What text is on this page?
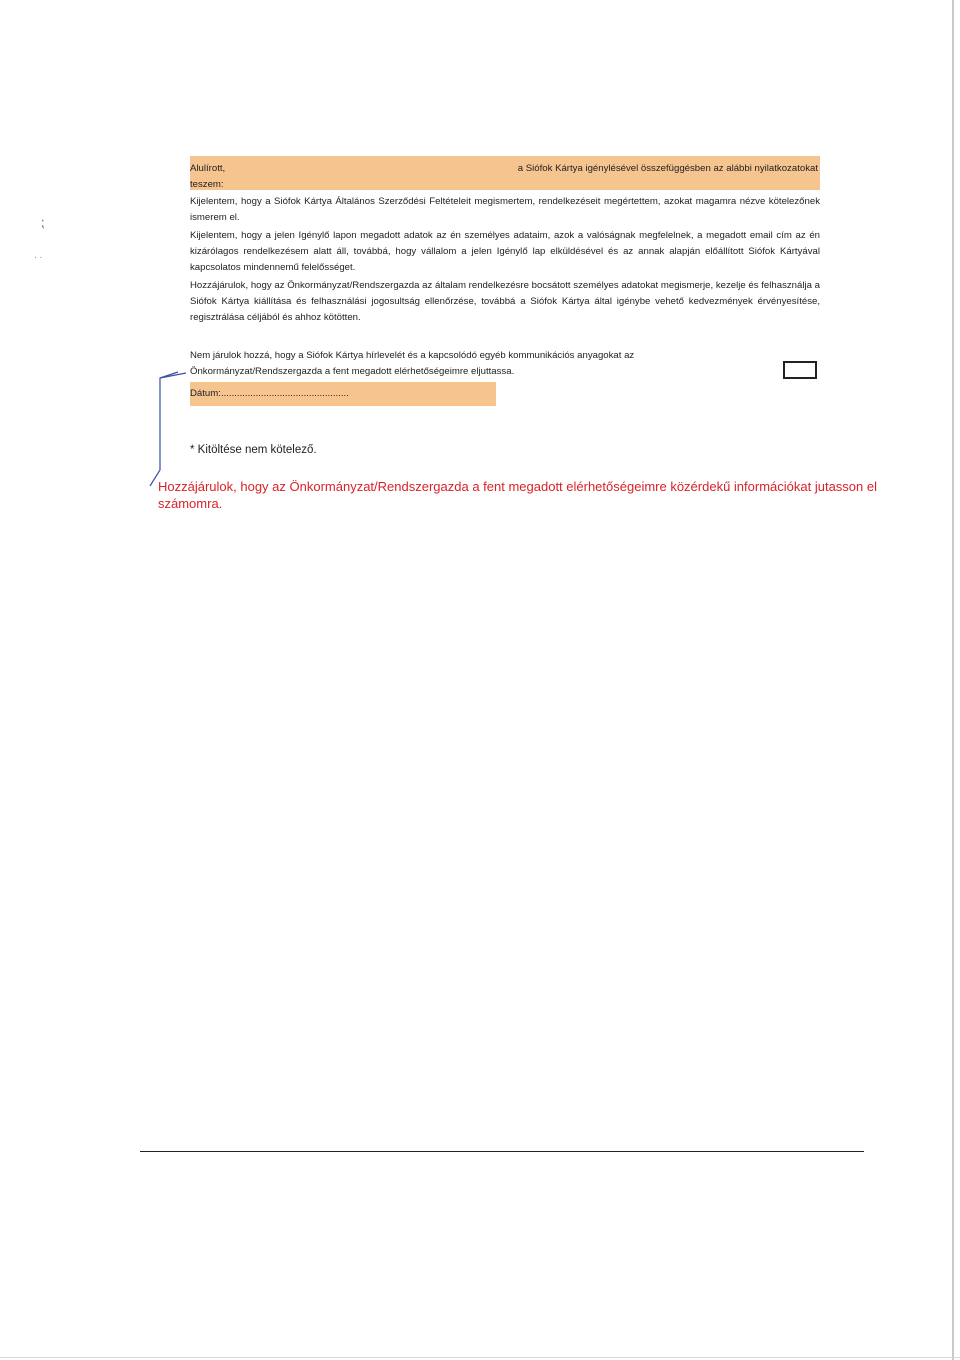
⁏
∙ ∙
Alulírott,	a Siófok Kártya igénylésével összefüggésben az alábbi nyilatkozatokat
teszem:

Kijelentem, hogy a Siófok Kártya Általános Szerződési Feltételeit megismertem, rendelkezéseit megértettem, azokat magamra nézve kötelezőnek ismerem el.

Kijelentem, hogy a jelen Igénylő lapon megadott adatok az én személyes adataim, azok a valóságnak megfelelnek, a megadott email cím az én kizárólagos rendelkezésem alatt áll, továbbá, hogy vállalom a jelen Igénylő lap elküldésével és az annak alapján előállított Siófok Kártyával kapcsolatos mindennemű felelősséget.

Hozzájárulok, hogy az Önkormányzat/Rendszergazda az általam rendelkezésre bocsátott személyes adatokat megismerje, kezelje és felhasználja a Siófok Kártya kiállítása és felhasználási jogosultság ellenőrzése, továbbá a Siófok Kártya által igénybe vehető kedvezmények érvényesítése, regisztrálása céljából és ahhoz kötötten.

Nem járulok hozzá, hogy a Siófok Kártya hírlevelét és a kapcsolódó egyéb kommunikációs anyagokat az
Önkormányzat/Rendszergazda a fent megadott elérhetőségeimre eljuttassa.
Dátum:................................................
* Kitöltése nem kötelező.
Hozzájárulok, hogy az Önkormányzat/Rendszergazda a fent megadott elérhetőségeimre közérdekű információkat jutasson el számomra.
